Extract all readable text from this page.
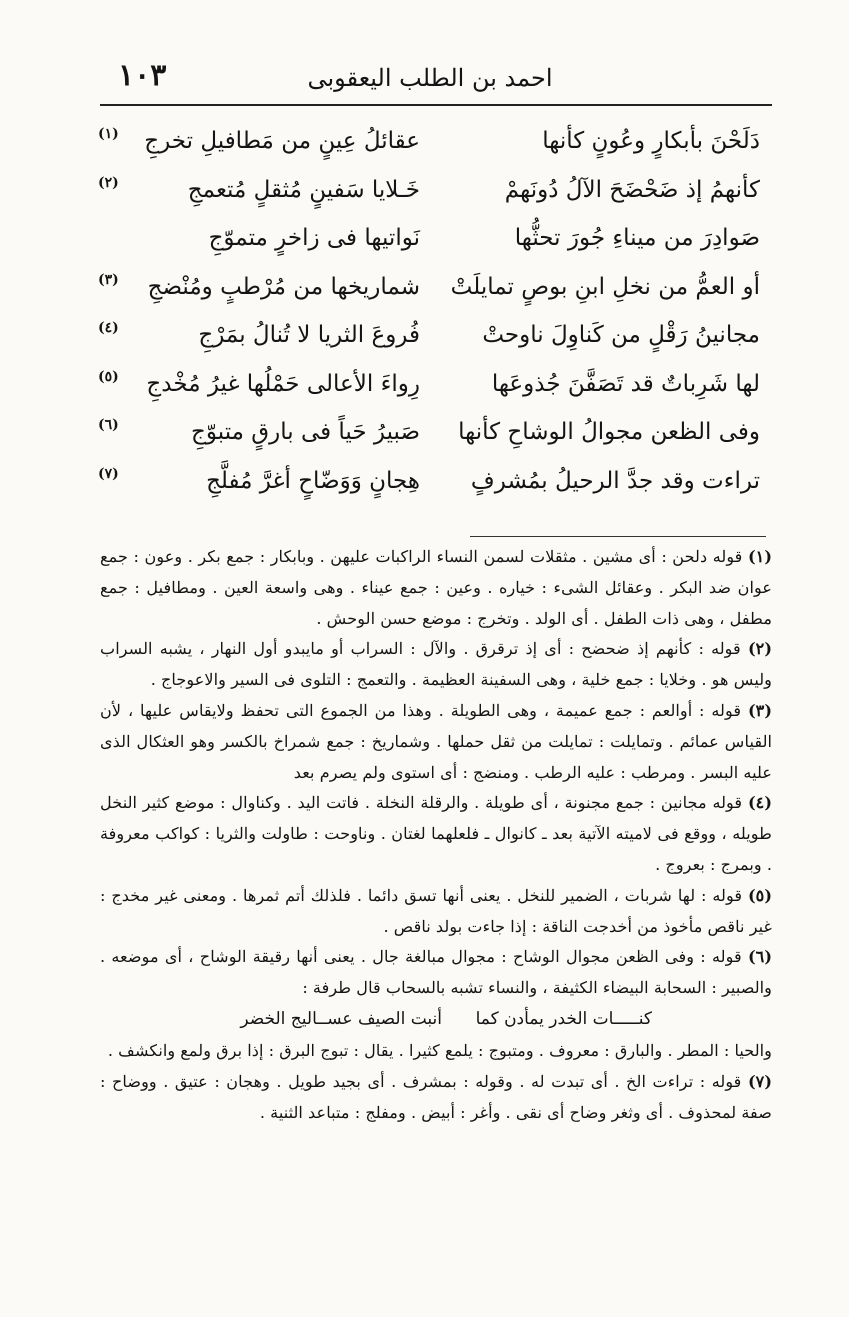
١٠٣	احمد بن الطلب اليعقوبى
دَلَحْنَ بأبكارٍ وعُونٍ كأنها
عقائلُ عِينٍ من مَطافيلِ تخرجِ
(١)
كأنهمُ إذ ضَحْضَحَ الآلُ دُونَهمْ
خَـلايا سَفينٍ مُثقلٍ مُتعمجِ
(٢)
صَوادِرَ من ميناءِ جُورَ تحثُّها
نَواتيها فى زاخرٍ متموّجِ
أو العمُّ من نخلِ ابنِ بوصٍ تمايلَتْ
شماريخها من مُرْطبٍ ومُنْضجِ
(٣)
مجانينُ رَقْلٍ من كَناوِلَ ناوحتْ
فُروعَ الثريا لا تُنالُ بمَرْجِ
(٤)
لها شَرِباتٌ قد تَصَفَّنَ جُذوعَها
رِواءَ الأعالى حَمْلُها غيرُ مُخْدجِ
(٥)
وفى الظعن مجوالُ الوشاحِ كأنها
صَبيرُ حَياً فى بارقٍ متبوّجِ
(٦)
تراءت وقد جدَّ الرحيلُ بمُشرفٍ
هِجانٍ وَوَضّاحٍ أغرَّ مُفلَّجِ
(٧)

(١) قوله دلحن : أى مشين . مثقلات لسمن النساء الراكبات عليهن . وبابكار : جمع بكر . وعون : جمع عوان ضد البكر . وعقائل الشىء : خياره . وعين : جمع عيناء . وهى واسعة العين . ومطافيل : جمع مطفل ، وهى ذات الطفل . أى الولد . وتخرج : موضع حسن الوحش .

(٢) قوله : كأنهم إذ ضحضح : أى إذ ترقرق . والآل : السراب أو مايبدو أول النهار ، يشبه السراب وليس هو . وخلايا : جمع خلية ، وهى السفينة العظيمة . والتعمج : التلوى فى السير والاعوجاج .

(٣) قوله : أوالعم : جمع عميمة ، وهى الطويلة . وهذا من الجموع التى تحفظ ولايقاس عليها ، لأن القياس عمائم . وتمايلت : تمايلت من ثقل حملها . وشماريخ : جمع شمراخ بالكسر وهو العثكال الذى عليه البسر . ومرطب : عليه الرطب . ومنضج : أى استوى ولم يصرم بعد

(٤) قوله مجانين : جمع مجنونة ، أى طويلة . والرقلة النخلة . فاتت اليد . وكناوال : موضع كثير النخل طويله ، ووقع فى لاميته الآتية بعد ـ كانوال ـ فلعلهما لغتان . وناوحت : طاولت والثريا : كواكب معروفة . وبمرج : بعروج .

(٥) قوله : لها شربات ، الضمير للنخل . يعنى أنها تسق دائما . فلذلك أتم ثمرها . ومعنى غير مخدج : غير ناقص مأخوذ من أخدجت الناقة : إذا جاءت بولد ناقص .

(٦) قوله : وفى الظعن مجوال الوشاح : مجوال مبالغة جال . يعنى أنها رقيقة الوشاح ، أى موضعه . والصبير : السحابة البيضاء الكثيفة ، والنساء تشبه بالسحاب قال طرفة :

كنـــــات الخدر يمأدن كما
أنبت الصيف عســاليج الخضر

والحيا : المطر . والبارق : معروف . ومتبوج : يلمع كثيرا . يقال : تبوج البرق : إذا برق ولمع وانكشف .

(٧) قوله : تراءت الخ . أى تبدت له . وقوله : بمشرف . أى بجيد طويل . وهجان : عتيق . ووضاح : صفة لمحذوف . أى وثغر وضاح أى نقى . وأغر : أبيض . ومفلج : متباعد الثنية .
